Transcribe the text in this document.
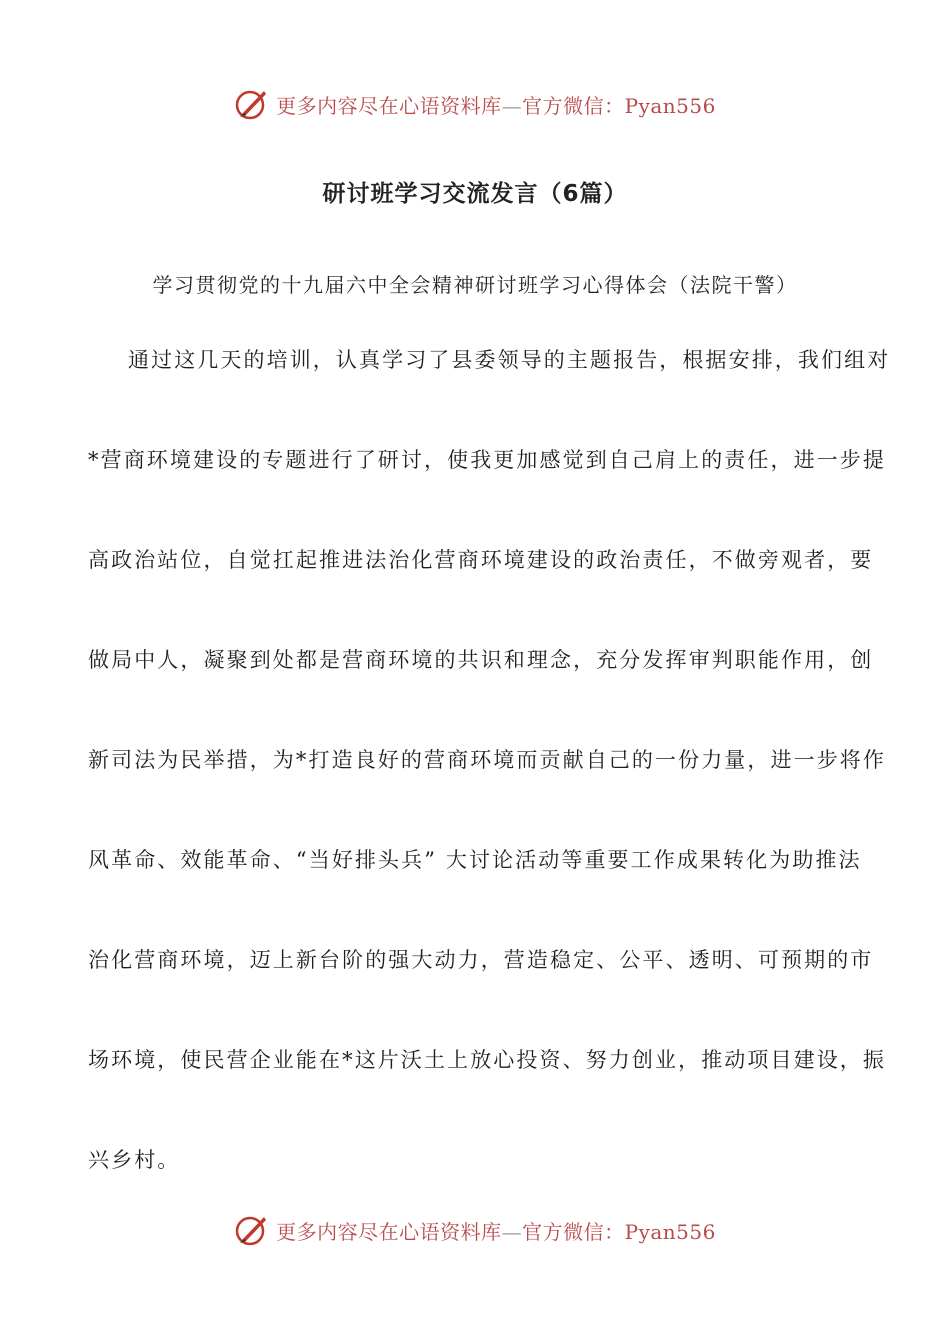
更多内容尽在心语资料库—官方微信：Pyan556
研讨班学习交流发言（6篇）
学习贯彻党的十九届六中全会精神研讨班学习心得体会（法院干警）
通过这几天的培训，认真学习了县委领导的主题报告，根据安排，我们组对
*营商环境建设的专题进行了研讨，使我更加感觉到自己肩上的责任，进一步提
高政治站位，自觉扛起推进法治化营商环境建设的政治责任，不做旁观者，要
做局中人，凝聚到处都是营商环境的共识和理念，充分发挥审判职能作用，创
新司法为民举措，为*打造良好的营商环境而贡献自己的一份力量，进一步将作
风革命、效能革命、“当好排头兵” 大讨论活动等重要工作成果转化为助推法
治化营商环境，迈上新台阶的强大动力，营造稳定、公平、透明、可预期的市
场环境，使民营企业能在*这片沃土上放心投资、努力创业，推动项目建设，振
兴乡村。
更多内容尽在心语资料库—官方微信：Pyan556
